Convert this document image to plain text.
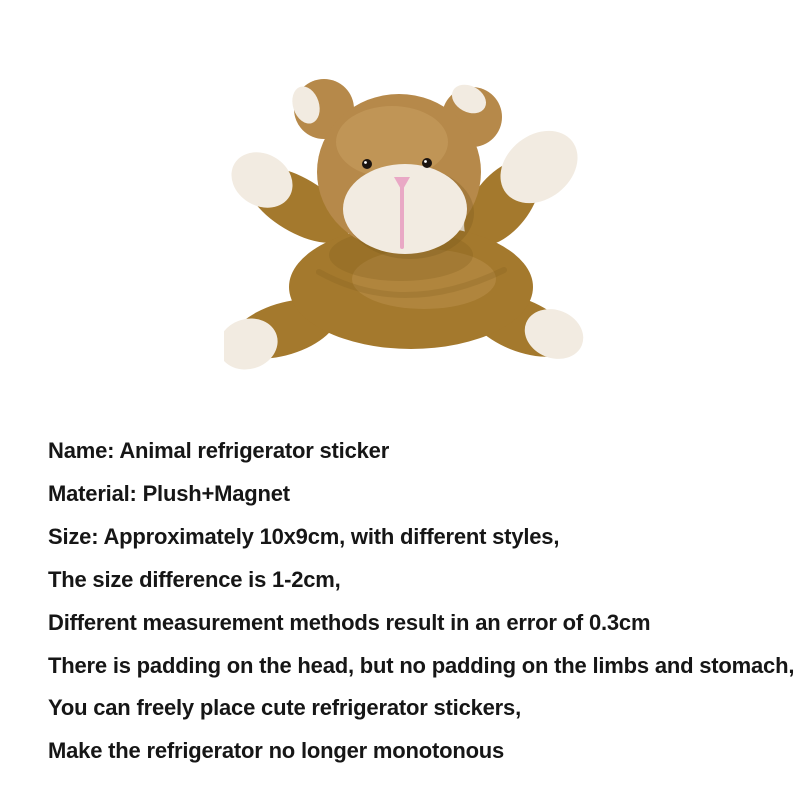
Name: Animal refrigerator sticker

Material: Plush+Magnet

Size: Approximately 10x9cm, with different styles,

The size difference is 1-2cm,

Different measurement methods result in an error of 0.3cm

There is padding on the head, but no padding on the limbs and stomach,

You can freely place cute refrigerator stickers,

Make the refrigerator no longer monotonous
